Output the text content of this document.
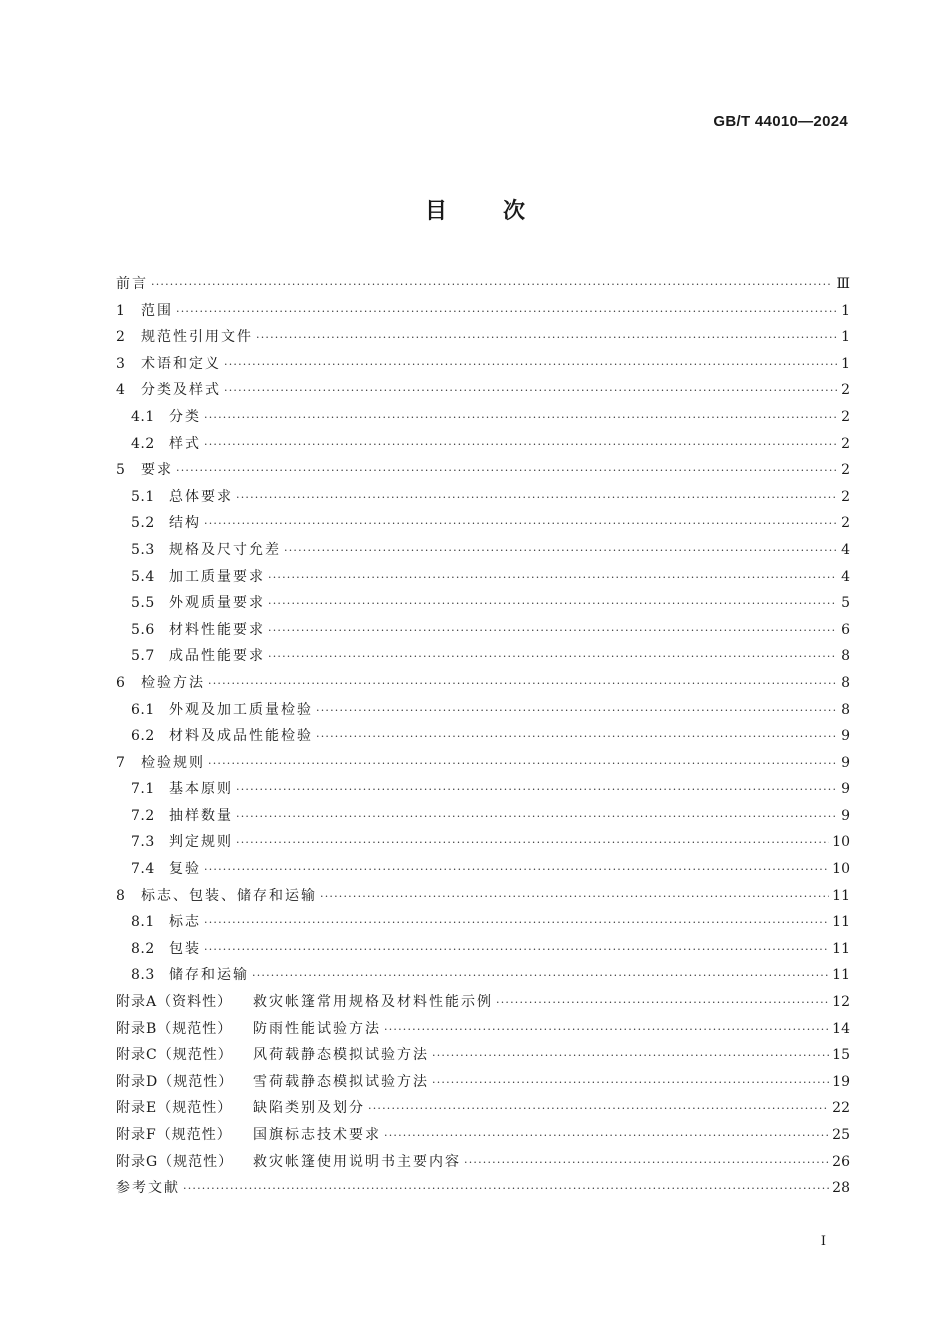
GB/T 44010—2024
目次
前言 ·····	Ⅲ
1	范围 ·····	1
2	规范性引用文件 ·····	1
3	术语和定义 ·····	1
4	分类及样式 ·····	2
4.1	分类 ·····	2
4.2	样式 ·····	2
5	要求 ·····	2
5.1	总体要求 ·····	2
5.2	结构 ·····	2
5.3	规格及尺寸允差 ·····	4
5.4	加工质量要求 ·····	4
5.5	外观质量要求 ·····	5
5.6	材料性能要求 ·····	6
5.7	成品性能要求 ·····	8
6	检验方法 ·····	8
6.1	外观及加工质量检验 ·····	8
6.2	材料及成品性能检验 ·····	9
7	检验规则 ·····	9
7.1	基本原则 ·····	9
7.2	抽样数量 ·····	9
7.3	判定规则 ·····	10
7.4	复验 ·····	10
8	标志、包装、储存和运输 ·····	11
8.1	标志 ·····	11
8.2	包装 ·····	11
8.3	储存和运输 ·····	11
附录A（资料性）	救灾帐篷常用规格及材料性能示例 ·····	12
附录B（规范性）	防雨性能试验方法 ·····	14
附录C（规范性）	风荷载静态模拟试验方法 ·····	15
附录D（规范性）	雪荷载静态模拟试验方法 ·····	19
附录E（规范性）	缺陷类别及划分 ·····	22
附录F（规范性）	国旗标志技术要求 ·····	25
附录G（规范性）	救灾帐篷使用说明书主要内容 ·····	26
参考文献 ·····	28
I
